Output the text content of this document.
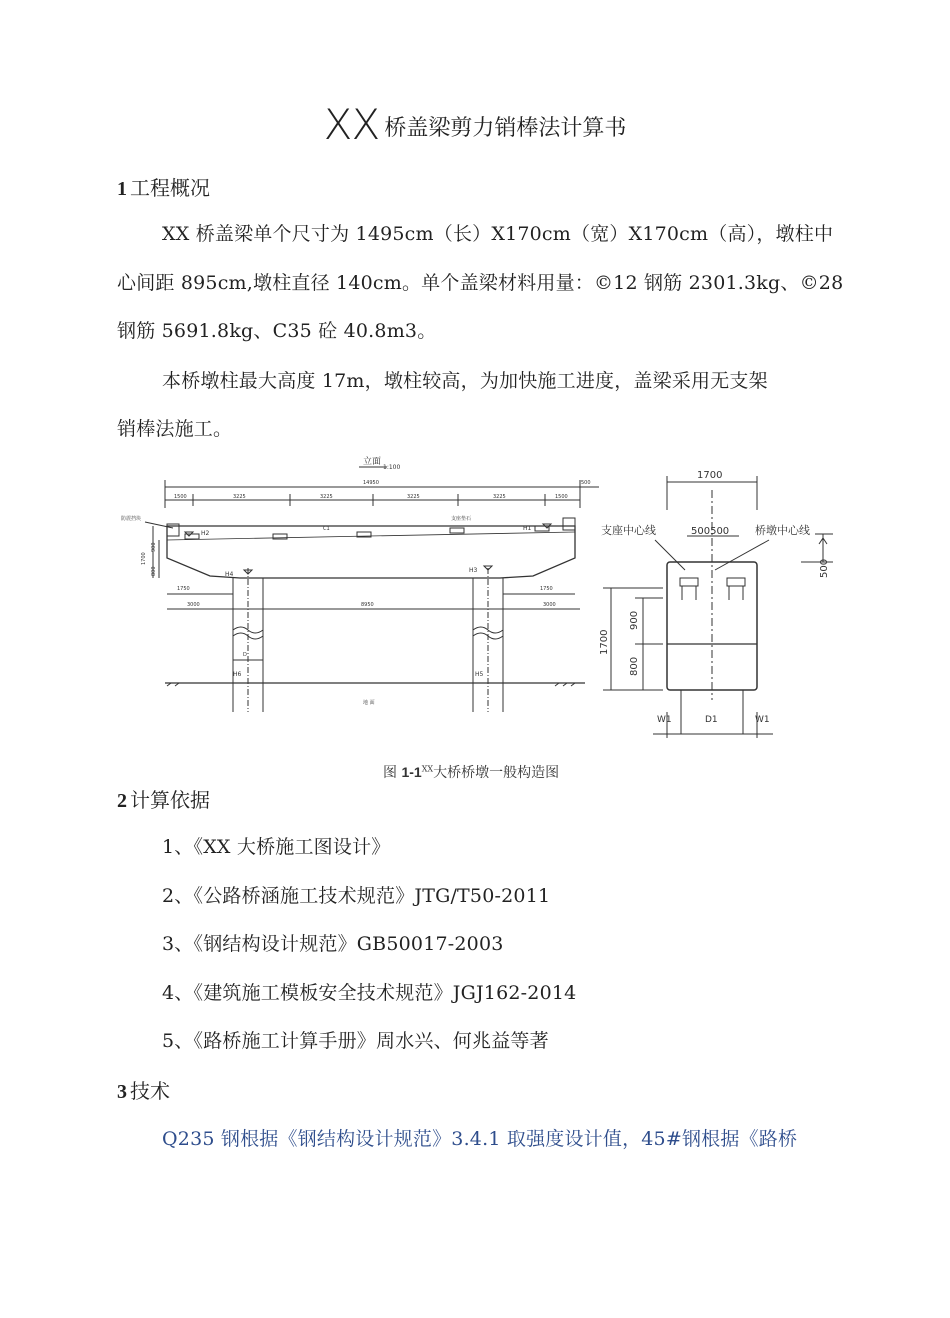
XX 桥盖梁剪力销棒法计算书
1 工程概况
XX 桥盖梁单个尺寸为 1495cm（长）X170cm（宽）X170cm（高），墩柱中
心间距 895cm,墩柱直径 140cm。单个盖梁材料用量：©12 钢筋 2301.3kg、©28
钢筋 5691.8kg、C35 砼 40.8m3。
本桥墩柱最大高度 17m，墩柱较高，为加快施工进度，盖梁采用无支架
销棒法施工。
立面
1:100
14950
1500	3225	3225	3225	3225	1500
500
防震挡块	支座垫石
H2
H1
C1
1700
900
800	H4
H3
H6	H5
D
1750	1750
3000	8950	3000
地 面
1700
支座中心线	桥墩中心线
500500
500
1700
900
800
W1	D1	W1
图 $1-1^{XX}$大桥桥墩一般构造图
2 计算依据
1、《XX 大桥施工图设计》
2、《公路桥涵施工技术规范》JTG/T50-2011
3、《钢结构设计规范》GB50017-2003
4、《建筑施工模板安全技术规范》JGJ162-2014
5、《路桥施工计算手册》周水兴、何兆益等著
3 技术
Q235 钢根据《钢结构设计规范》3.4.1 取强度设计值，45#钢根据《路桥
